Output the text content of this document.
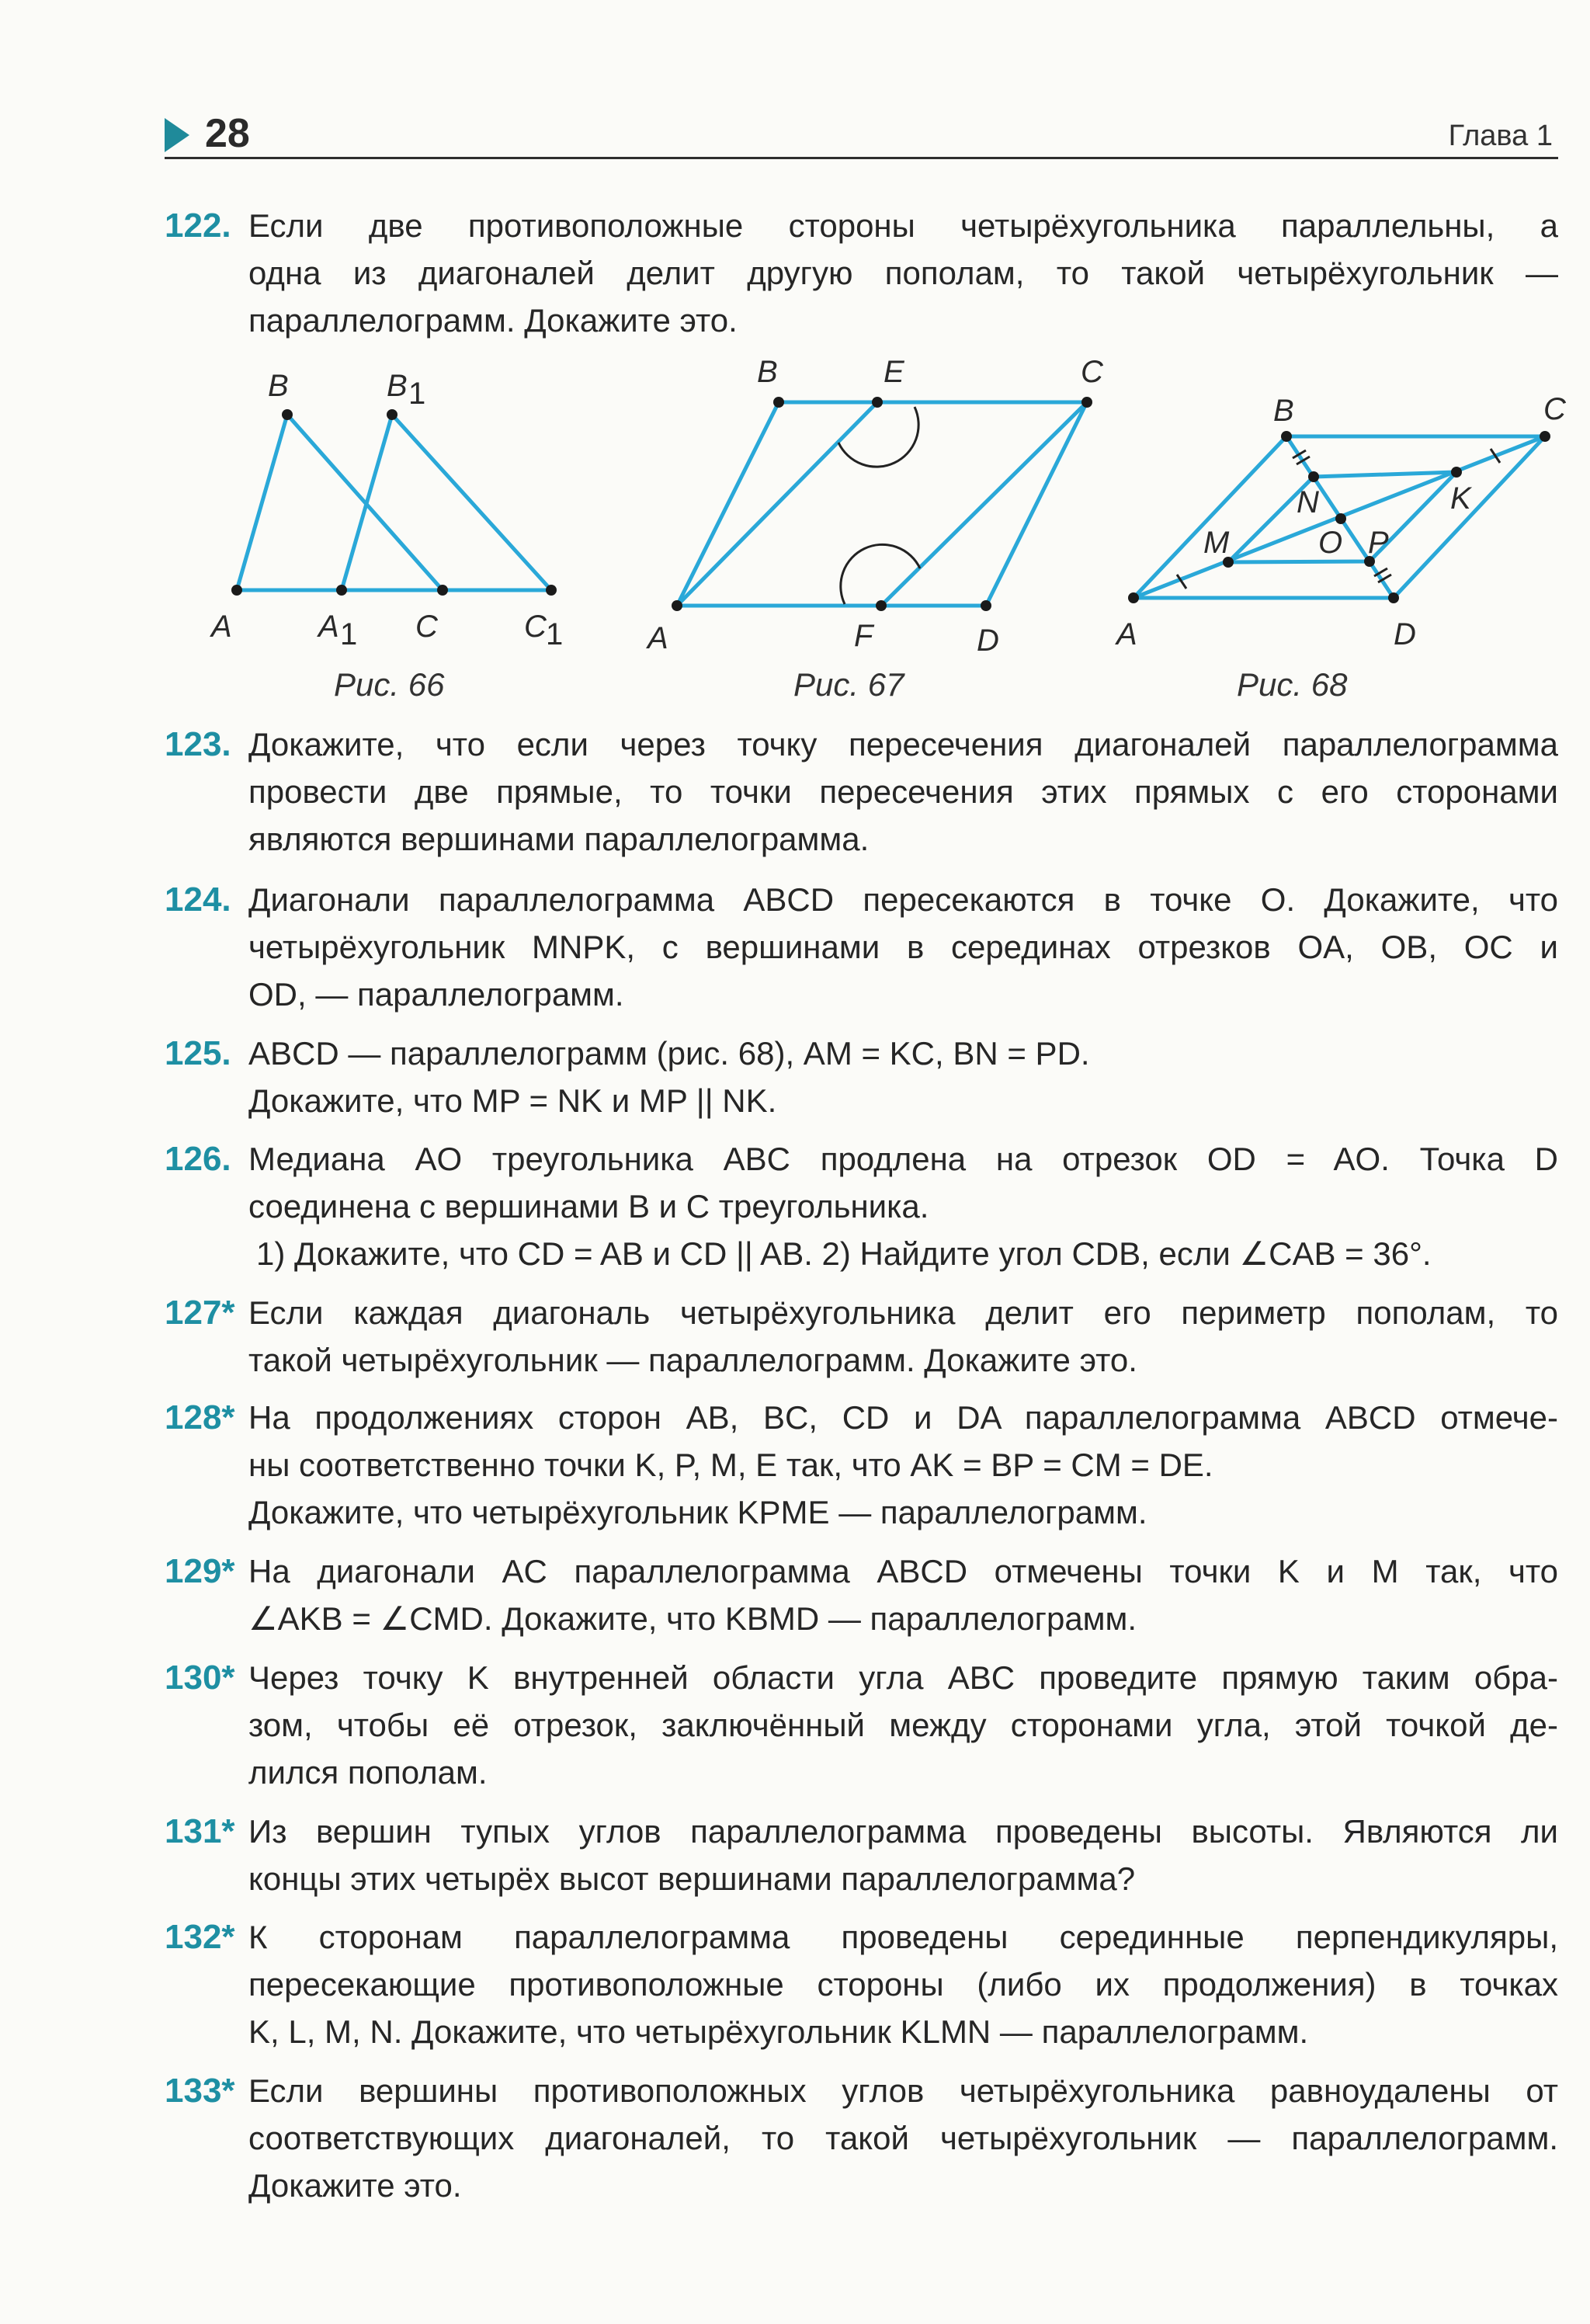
28	Глава 1
122. Если две противоположные стороны четырёхугольника параллельны, а
одна из диагоналей делит другую пополам, то такой четырёхугольник —
параллелограмм. Докажите это.
B	B 1
A	A 1 C	C 1
Рис. 66
B	E	C
A	F	D
Рис. 67
B	C
N	K
M	O P
A	D
Рис. 68
123. Докажите, что если через точку пересечения диагоналей параллелограмма
провести две прямые, то точки пересечения этих прямых с его сторонами
являются вершинами параллелограмма.
124. Диагонали параллелограмма ABCD пересекаются в точке O. Докажите, что
четырёхугольник MNPK, с вершинами в серединах отрезков OA, OB, OC и
OD, — параллелограмм.
125. ABCD — параллелограмм (рис. 68), AM = KC, BN = PD.
Докажите, что MP = NK и MP || NK.
126. Медиана AO треугольника ABC продлена на отрезок OD = AO. Точка D
соединена с вершинами B и C треугольника.
1) Докажите, что CD = AB и CD || AB. 2) Найдите угол CDB, если ∠CAB = 36°.
127* Если каждая диагональ четырёхугольника делит его периметр пополам, то
такой четырёхугольник — параллелограмм. Докажите это.
128* На продолжениях сторон AB, BC, CD и DA параллелограмма ABCD отмече-
ны соответственно точки K, P, M, E так, что AK = BP = CM = DE.
Докажите, что четырёхугольник KPME — параллелограмм.
129* На диагонали AC параллелограмма ABCD отмечены точки K и M так, что
∠AKB = ∠CMD. Докажите, что KBMD — параллелограмм.
130* Через точку K внутренней области угла ABC проведите прямую таким обра-
зом, чтобы её отрезок, заключённый между сторонами угла, этой точкой де-
лился пополам.
131* Из вершин тупых углов параллелограмма проведены высоты. Являются ли
концы этих четырёх высот вершинами параллелограмма?
132* К сторонам параллелограмма проведены серединные перпендикуляры,
пересекающие противоположные стороны (либо их продолжения) в точках
K, L, M, N. Докажите, что четырёхугольник KLMN — параллелограмм.
133* Если вершины противоположных углов четырёхугольника равноудалены от
соответствующих диагоналей, то такой четырёхугольник — параллелограмм.
Докажите это.
